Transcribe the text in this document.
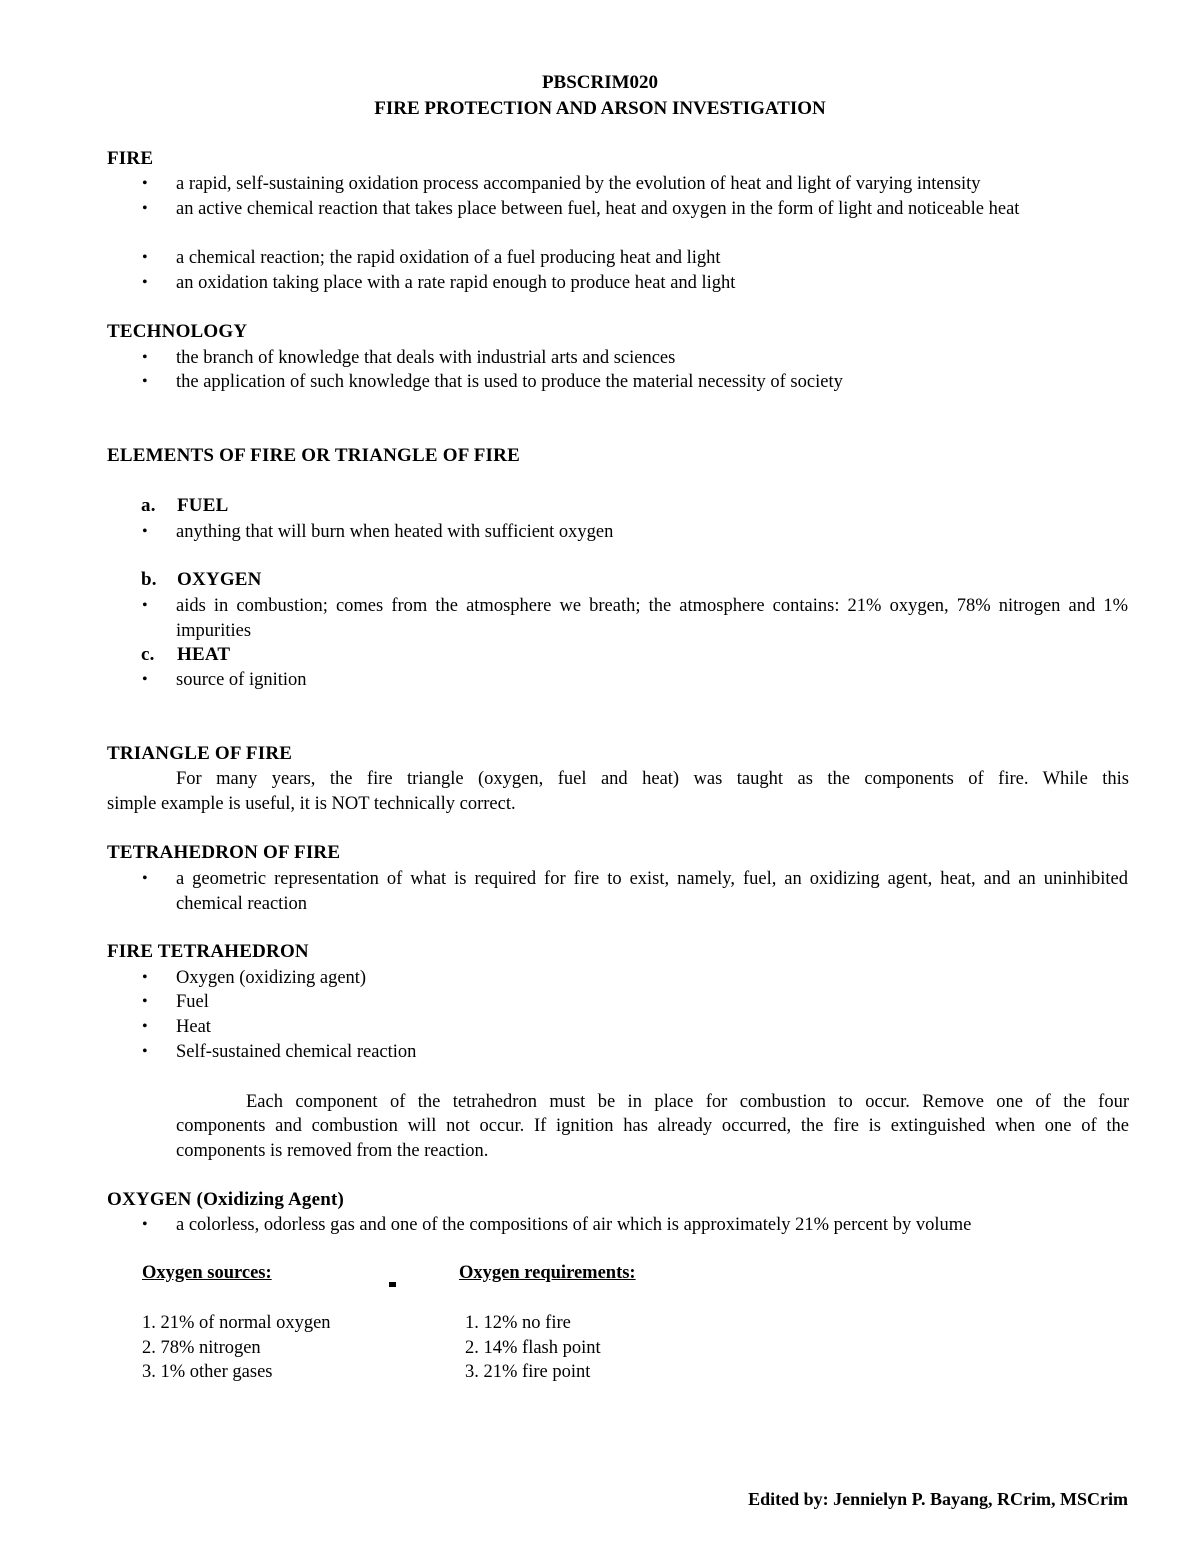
PBSCRIM020
FIRE PROTECTION AND ARSON INVESTIGATION
FIRE
• a rapid, self-sustaining oxidation process accompanied by the evolution of heat and light of varying intensity
• an active chemical reaction that takes place between fuel, heat and oxygen in the form of light and noticeable heat
• a chemical reaction; the rapid oxidation of a fuel producing heat and light
• an oxidation taking place with a rate rapid enough to produce heat and light
TECHNOLOGY
• the branch of knowledge that deals with industrial arts and sciences
• the application of such knowledge that is used to produce the material necessity of society
ELEMENTS OF FIRE OR TRIANGLE OF FIRE
a. FUEL
• anything that will burn when heated with sufficient oxygen
b. OXYGEN
• aids in combustion; comes from the atmosphere we breath; the atmosphere contains: 21% oxygen, 78% nitrogen and 1% impurities
c. HEAT
• source of ignition
TRIANGLE OF FIRE
For many years, the fire triangle (oxygen, fuel and heat) was taught as the components of fire. While this
simple example is useful, it is NOT technically correct.
TETRAHEDRON OF FIRE
• a geometric representation of what is required for fire to exist, namely, fuel, an oxidizing agent, heat, and an uninhibited chemical reaction
FIRE TETRAHEDRON
• Oxygen (oxidizing agent)
• Fuel
• Heat
• Self-sustained chemical reaction
Each component of the tetrahedron must be in place for combustion to occur. Remove one of the four
components and combustion will not occur. If ignition has already occurred, the fire is extinguished when one of the components is removed from the reaction.
OXYGEN (Oxidizing Agent)
• a colorless, odorless gas and one of the compositions of air which is approximately 21% percent by volume
Oxygen sources:	Oxygen requirements:
1. 21% of normal oxygen
2. 78% nitrogen
3. 1% other gases
1. 12% no fire
2. 14% flash point
3. 21% fire point
Edited by: Jennielyn P. Bayang, RCrim, MSCrim
